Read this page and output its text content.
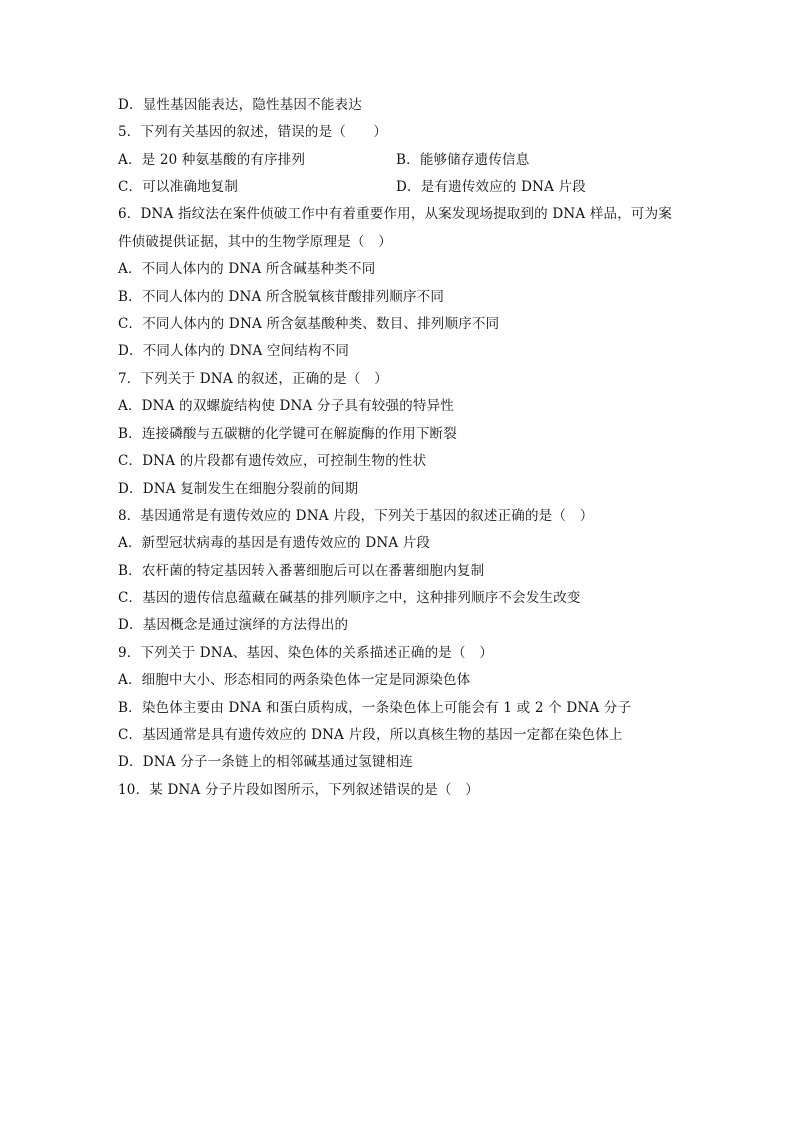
D．显性基因能表达，隐性基因不能表达
5．下列有关基因的叙述，错误的是（　　）
A．是 20 种氨基酸的有序排列	B．能够储存遗传信息
C．可以准确地复制	D．是有遗传效应的 DNA 片段
6．DNA 指纹法在案件侦破工作中有着重要作用，从案发现场提取到的 DNA 样品，可为案
件侦破提供证据，其中的生物学原理是（　）
A．不同人体内的 DNA 所含碱基种类不同
B．不同人体内的 DNA 所含脱氧核苷酸排列顺序不同
C．不同人体内的 DNA 所含氨基酸种类、数目、排列顺序不同
D．不同人体内的 DNA 空间结构不同
7．下列关于 DNA 的叙述，正确的是（　）
A．DNA 的双螺旋结构使 DNA 分子具有较强的特异性
B．连接磷酸与五碳糖的化学键可在解旋酶的作用下断裂
C．DNA 的片段都有遗传效应，可控制生物的性状
D．DNA 复制发生在细胞分裂前的间期
8．基因通常是有遗传效应的 DNA 片段，下列关于基因的叙述正确的是（　）
A．新型冠状病毒的基因是有遗传效应的 DNA 片段
B．农杆菌的特定基因转入番薯细胞后可以在番薯细胞内复制
C．基因的遗传信息蕴藏在碱基的排列顺序之中，这种排列顺序不会发生改变
D．基因概念是通过演绎的方法得出的
9．下列关于 DNA、基因、染色体的关系描述正确的是（　）
A．细胞中大小、形态相同的两条染色体一定是同源染色体
B．染色体主要由 DNA 和蛋白质构成，一条染色体上可能会有 1 或 2 个 DNA 分子
C．基因通常是具有遗传效应的 DNA 片段，所以真核生物的基因一定都在染色体上
D．DNA 分子一条链上的相邻碱基通过氢键相连
10．某 DNA 分子片段如图所示，下列叙述错误的是（　）
